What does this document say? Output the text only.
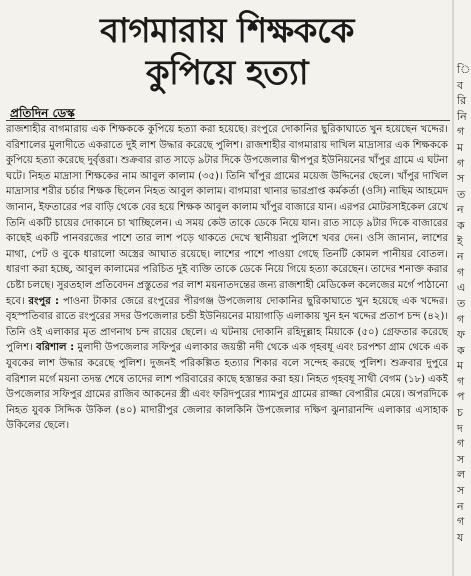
বাগমারায় শিক্ষককে
কুপিয়ে হত্যা
প্রতিদিন ডেস্ক

রাজশাহীর বাগমারায় এক শিক্ষককে কুপিয়ে হত্যা করা হয়েছে। রংপুরে দোকানির ছুরিকাঘাতে খুন হয়েছেন খদ্দের। বরিশালের মুলাদীতে একরাতে দুই লাশ উদ্ধার করেছে পুলিশ। রাজশাহীর বাগমারায় দাখিল মাদ্রাসার এক শিক্ষককে কুপিয়ে হত্যা করেছে দুর্বৃত্তরা। শুক্রবার রাত সাড়ে ৯টার দিকে উপজেলার দ্বীপপুর ইউনিয়নের খাঁপুর গ্রামে এ ঘটনা ঘটে। নিহত মাদ্রাসা শিক্ষকের নাম আবুল কালাম (৩৫)। তিনি খাঁপুর গ্রামের ময়েজ উদ্দিনের ছেলে। খাঁপুর দাখিল মাদ্রাসার শরীর চর্চার শিক্ষক ছিলেন নিহত আবুল কালাম। বাগমারা থানার ভারপ্রাপ্ত কর্মকর্তা (ওসি) নাছিম আহমেদ জানান, ইফতারের পর বাড়ি থেকে বের হয়ে শিক্ষক আবুল কালাম খাঁপুর বাজারে যান। এরপর মোটরসাইকেল রেখে তিনি একটি চায়ের দোকানে চা খাচ্ছিলেন। এ সময় কেউ তাকে ডেকে নিয়ে যান। রাত সাড়ে ৯টার দিকে বাজারের কাছেই একটি পানবরজের পাশে তার লাশ পড়ে থাকতে দেখে স্থানীয়রা পুলিশে খবর দেন। ওসি জানান, লাশের মাথা, পেট ও বুকে ধারালো অস্ত্রের আঘাত রয়েছে। লাশের পাশে পাওয়া গেছে তিনটি কোমল পানীয়র বোতল। ধারণা করা হচ্ছে, আবুল কালামের পরিচিত দুই ব্যক্তি তাকে ডেকে নিয়ে গিয়ে হত্যা করেছেন। তাদের শনাক্ত করার চেষ্টা চলছে। সুরতহাল প্রতিবেদন প্রস্তুতের পর লাশ ময়নাতদন্তের জন্য রাজশাহী মেডিকেল কলেজের মর্গে পাঠানো হবে। রংপুর : পাওনা টাকার জেরে রংপুরের পীরগঞ্জ উপজেলায় দোকানির ছুরিকাঘাতে খুন হয়েছে এক খদ্দের। বৃহস্পতিবার রাতে রংপুরের সদর উপজেলার চন্ডী ইউনিয়নের মায়াগাড়ি এলাকায় খুন হন খদ্দের প্রতাপ চন্দ (৪২)। তিনি ওই এলাকার মৃত প্রাণনাথ চন্দ রায়ের ছেলে। এ ঘটনায় দোকানি রহিদুল্লাহ মিয়াকে (৫০) গ্রেফতার করেছে পুলিশ। বরিশাল : মুলাদী উপজেলার সফিপুর এলাকার জয়ন্তী নদী থেকে এক গৃহবধূ এবং চরপশ্চা গ্রাম থেকে এক যুবকের লাশ উদ্ধার করেছে পুলিশ। দুজনই পরিকল্পিত হত্যার শিকার বলে সন্দেহ করছে পুলিশ। শুক্রবার দুপুরে বরিশাল মর্গে ময়না তদন্ত শেষে তাদের লাশ পরিবারের কাছে হস্তান্তর করা হয়। নিহত গৃহবধূ সাথী বেগম (১৮) একই উপজেলার সফিপুর গ্রামের রাজিব আকনের স্ত্রী এবং ফরিদপুরের শ্যামপুর গ্রামের রাজ্জা বেপারীর মেয়ে। অপরদিকে নিহত যুবক সিদ্দিক উকিল (৪০) মাদারীপুর জেলার কালকিনি উপজেলার দক্ষিণ ঝুনারানন্দি এলাকার এসাহাক উকিলের ছেলে।

ি
ব
রি
নি
গ
ম
গ
স
ত
ন
ক
ই
ন
গ
এ
ত
গ
ফ
ক
ম
গ
প
চ
দ
গ
স
ল
স
ন
গ
য
